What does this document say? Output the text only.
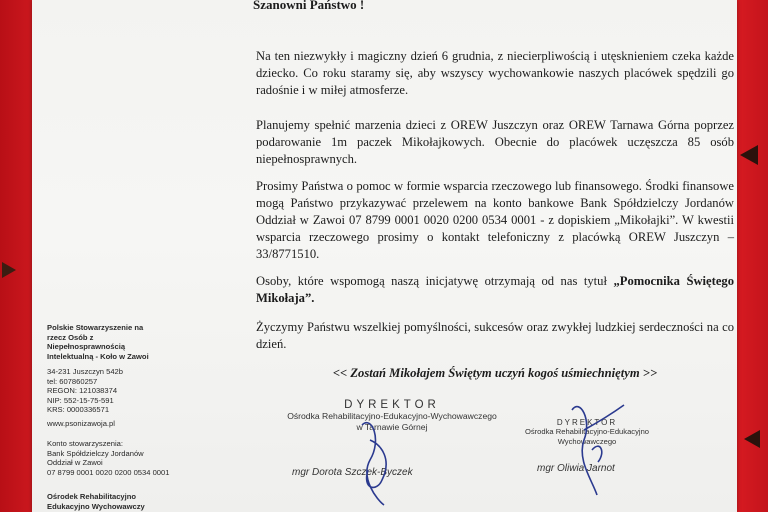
Szanowni Państwo !
Na ten niezwykły i magiczny dzień 6 grudnia, z niecierpliwością i utęsknieniem czeka każde dziecko. Co roku staramy się, aby wszyscy wychowankowie naszych placówek spędzili go radośnie i w miłej atmosferze.
Planujemy spełnić marzenia dzieci z OREW Juszczyn oraz OREW Tarnawa Górna poprzez podarowanie 1m paczek Mikołajkowych. Obecnie do placówek uczęszcza 85 osób niepełnosprawnych.
Prosimy Państwa o pomoc w formie wsparcia rzeczowego lub finansowego. Środki finansowe mogą Państwo przykazywać przelewem na konto bankowe Bank Spółdzielczy Jordanów Oddział w Zawoi 07 8799 0001 0020 0200 0534 0001 - z dopiskiem „Mikołajki”. W kwestii wsparcia rzeczowego prosimy o kontakt telefoniczny z placówką OREW Juszczyn – 33/8771510.
Osoby, które wspomogą naszą inicjatywę otrzymają od nas tytuł „Pomocnika Świętego Mikołaja”.
Życzymy Państwu wszelkiej pomyślności, sukcesów oraz zwykłej ludzkiej serdeczności na co dzień.
<< Zostań Mikołajem Świętym uczyń kogoś uśmiechniętym >>
Polskie Stowarzyszenie na
rzecz Osób z
Niepełnosprawnością
Intelektualną - Koło w Zawoi
34-231 Juszczyn 542b
tel: 607860257
REGON: 121038374
NIP: 552-15-75-591
KRS: 0000336571
www.psonizawoja.pl
Konto stowarzyszenia:
Bank Spółdzielczy Jordanów
Oddział w Zawoi
07 8799 0001 0020 0200 0534 0001
Ośrodek Rehabilitacyjno
Edukacyjno Wychowawczy
DYREKTOR
Ośrodka Rehabilitacyjno-Edukacyjno-Wychowawczego
w Tarnawie Górnej
mgr Dorota Szczek-Byczek
DYREKTOR
Ośrodka Rehabilitacyjno-Edukacyjno
Wychowawczego
mgr Oliwia Jarnot
